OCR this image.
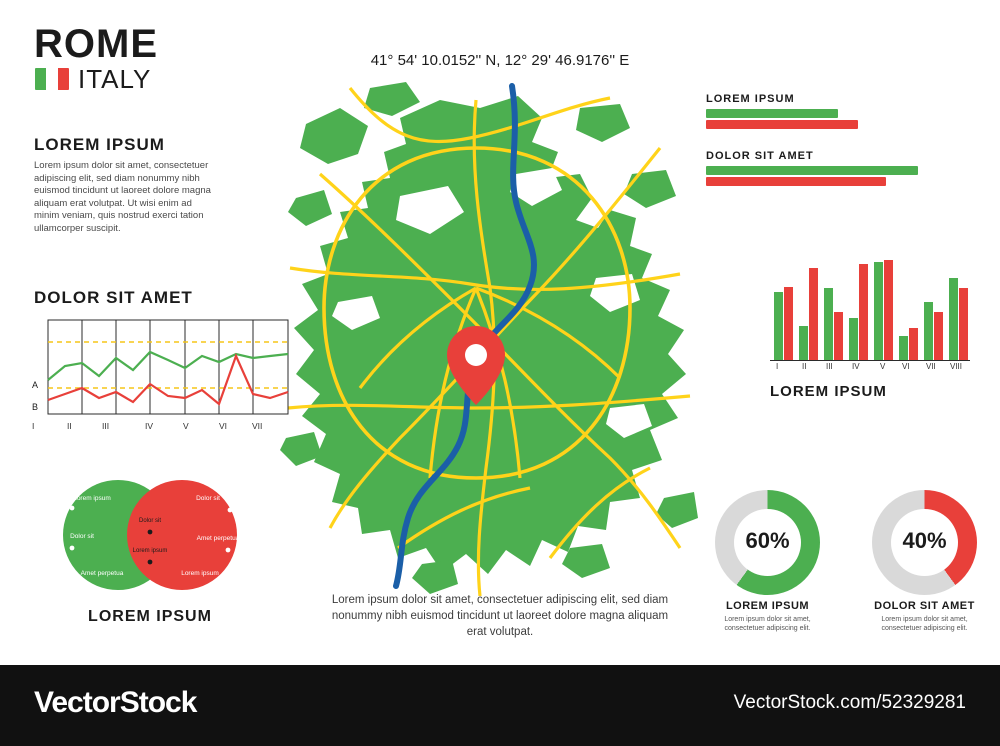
ROME
ITALY
LOREM IPSUM
Lorem ipsum dolor sit amet, consectetuer adipiscing elit, sed diam nonummy nibh euismod tincidunt ut laoreet dolore magna aliquam erat volutpat. Ut wisi enim ad minim veniam, quis nostrud exerci tation ullamcorper suscipit.
41° 54' 10.0152'' N, 12° 29' 46.9176'' E
Lorem ipsum dolor sit amet, consectetuer adipiscing elit, sed diam nonummy nibh euismod tincidunt ut laoreet dolore magna aliquam erat volutpat.
LOREM IPSUM
DOLOR SIT AMET
DOLOR SIT AMET
A
B
I	II	III	IV	V	VI	VII
Lorem ipsum
Dolor sit
Amet perpetua
Dolor sit
Amet perpetua
Lorem ipsum
Dolor sit
Lorem ipsum
LOREM IPSUM
I	II III IV	V VI VII VIII
LOREM IPSUM
60%
LOREM IPSUM
Lorem ipsum dolor sit amet, consectetuer adipiscing elit.
40%
DOLOR SIT AMET
Lorem ipsum dolor sit amet, consectetuer adipiscing elit.
VectorStock	VectorStock.com/52329281
